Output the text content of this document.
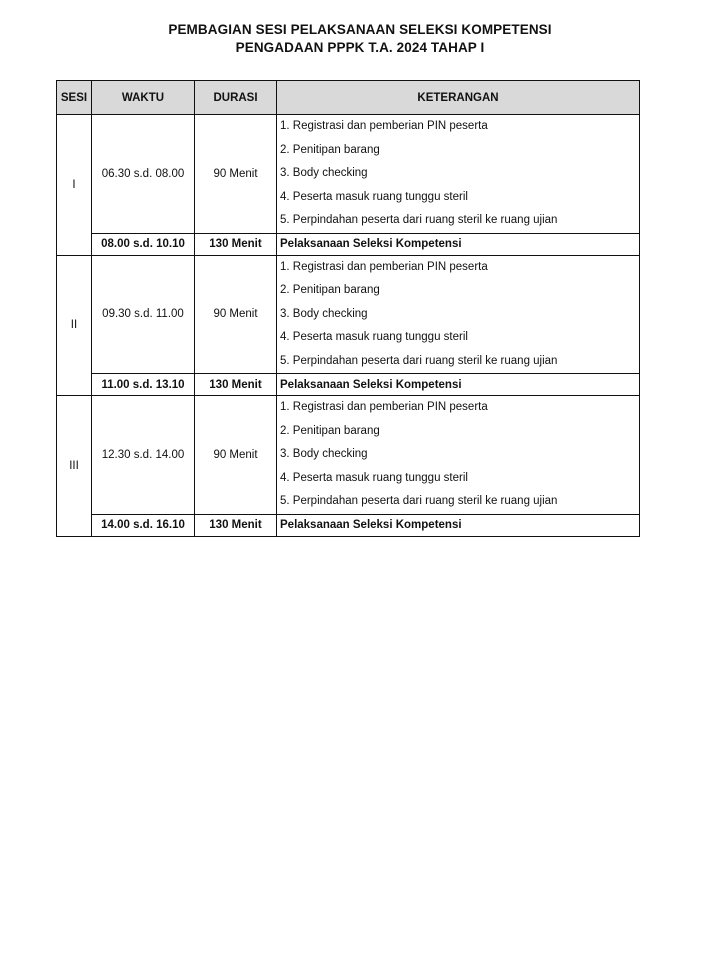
PEMBAGIAN SESI PELAKSANAAN SELEKSI KOMPETENSI
PENGADAAN PPPK T.A. 2024 TAHAP I
SESI	WAKTU	DURASI	KETERANGAN
I	06.30 s.d. 08.00	90 Menit	1. Registrasi dan pemberian PIN peserta
2. Penitipan barang
3. Body checking
4. Peserta masuk ruang tunggu steril
5. Perpindahan peserta dari ruang steril ke ruang ujian

	08.00 s.d. 10.10	130 Menit	Pelaksanaan Seleksi Kompetensi
II	09.30 s.d. 11.00	90 Menit	1. Registrasi dan pemberian PIN peserta
2. Penitipan barang
3. Body checking
4. Peserta masuk ruang tunggu steril
5. Perpindahan peserta dari ruang steril ke ruang ujian

	11.00 s.d. 13.10	130 Menit	Pelaksanaan Seleksi Kompetensi
III	12.30 s.d. 14.00	90 Menit	1. Registrasi dan pemberian PIN peserta
2. Penitipan barang
3. Body checking
4. Peserta masuk ruang tunggu steril
5. Perpindahan peserta dari ruang steril ke ruang ujian

	14.00 s.d. 16.10	130 Menit	Pelaksanaan Seleksi Kompetensi
